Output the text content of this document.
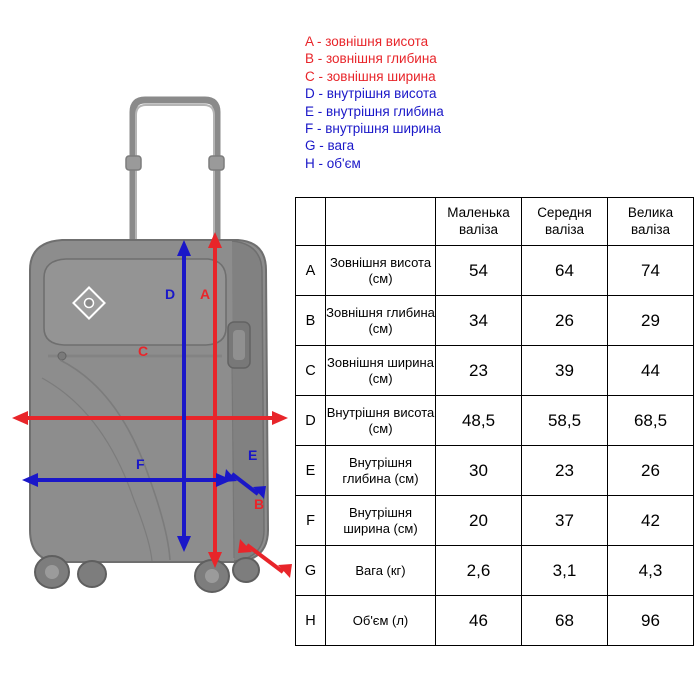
A
B
C
D
E
F
A - зовнішня висота
B - зовнішня глибина
C - зовнішня ширина
D - внутрішня висота
E - внутрішня глибина
F - внутрішня ширина
G - вага
H - об'єм
		Маленька валіза	Середня валіза	Велика валіза
A	Зовнішня висота (см)	54	64	74
B	Зовнішня глибина (см)	34	26	29
C	Зовнішня ширина (см)	23	39	44
D	Внутрішня висота (см)	48,5	58,5	68,5
E	Внутрішня глибина (см)	30	23	26
F	Внутрішня ширина (см)	20	37	42
G	Вага (кг)	2,6	3,1	4,3
H	Об'єм (л)	46	68	96
